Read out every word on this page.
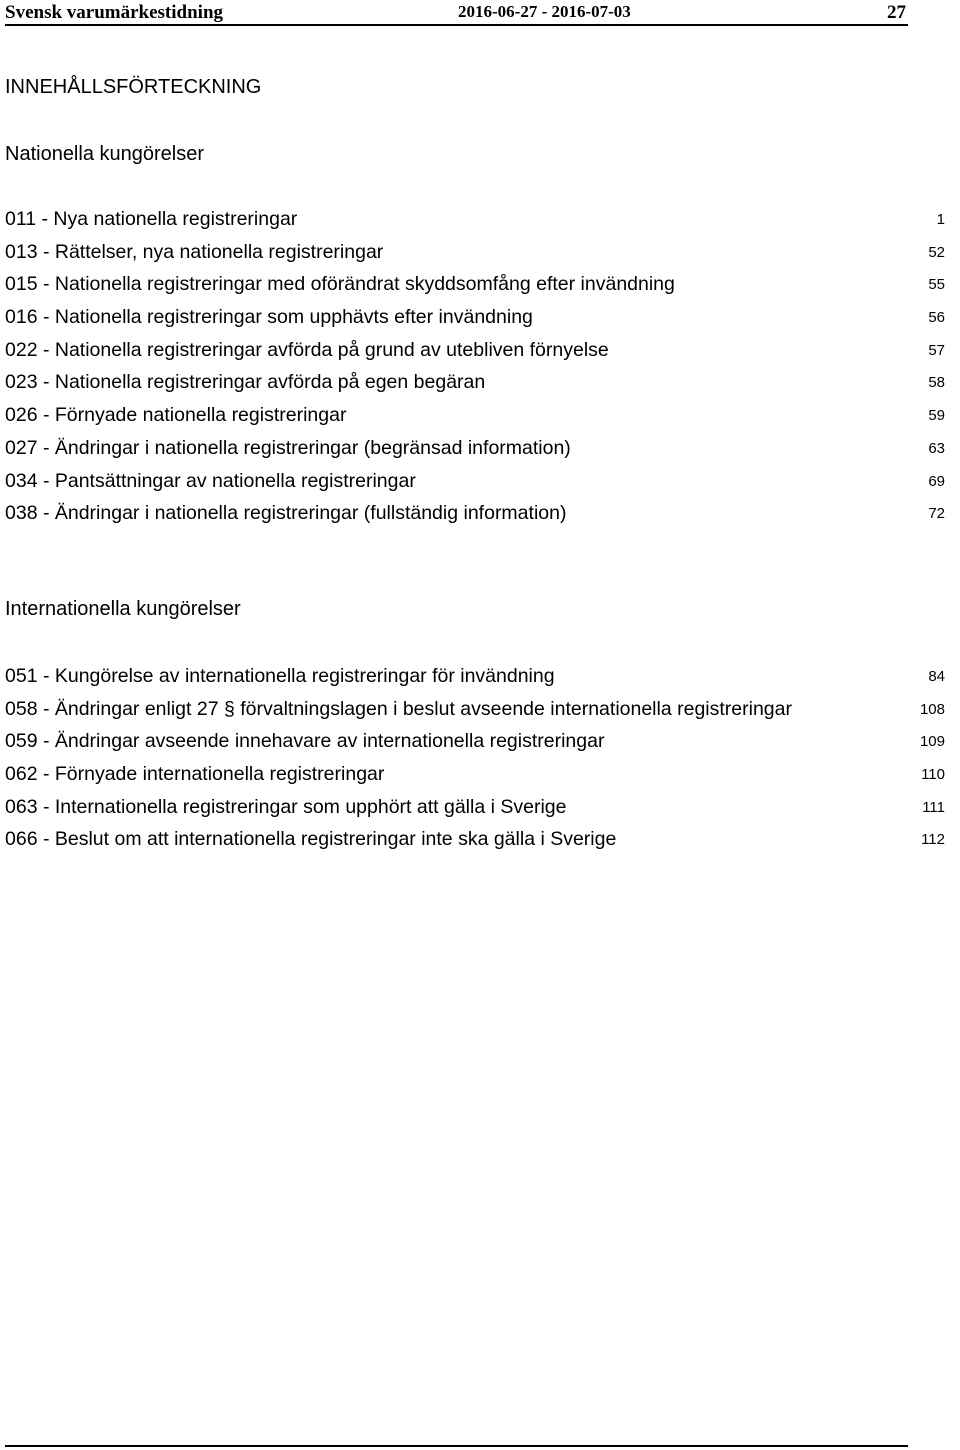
Svensk varumärkestidning	2016-06-27 - 2016-07-03	27
INNEHÅLLSFÖRTECKNING
Nationella kungörelser
011 - Nya nationella registreringar	1
013 - Rättelser, nya nationella registreringar	52
015 - Nationella registreringar med oförändrat skyddsomfång efter invändning	55
016 - Nationella registreringar som upphävts efter invändning	56
022 - Nationella registreringar avförda på grund av utebliven förnyelse	57
023 - Nationella registreringar avförda på egen begäran	58
026 - Förnyade nationella registreringar	59
027 - Ändringar i nationella registreringar (begränsad information)	63
034 - Pantsättningar av nationella registreringar	69
038 - Ändringar i nationella registreringar (fullständig information)	72
Internationella kungörelser
051 - Kungörelse av internationella registreringar för invändning	84
058 - Ändringar enligt 27 § förvaltningslagen i beslut avseende internationella registreringar	108
059 - Ändringar avseende innehavare av internationella registreringar	109
062 - Förnyade internationella registreringar	110
063 - Internationella registreringar som upphört att gälla i Sverige	111
066 - Beslut om att internationella registreringar inte ska gälla i Sverige	112
